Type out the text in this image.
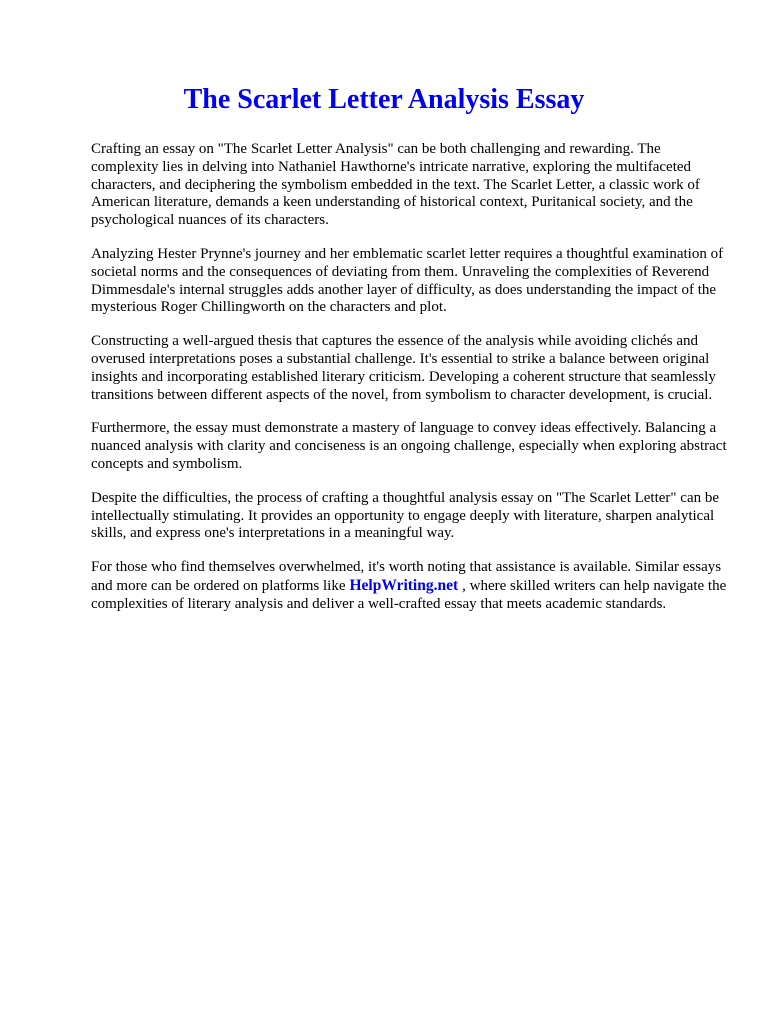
The Scarlet Letter Analysis Essay

Crafting an essay on "The Scarlet Letter Analysis" can be both challenging and rewarding. The complexity lies in delving into Nathaniel Hawthorne's intricate narrative, exploring the multifaceted characters, and deciphering the symbolism embedded in the text. The Scarlet Letter, a classic work of American literature, demands a keen understanding of historical context, Puritanical society, and the psychological nuances of its characters.

Analyzing Hester Prynne's journey and her emblematic scarlet letter requires a thoughtful examination of societal norms and the consequences of deviating from them. Unraveling the complexities of Reverend Dimmesdale's internal struggles adds another layer of difficulty, as does understanding the impact of the mysterious Roger Chillingworth on the characters and plot.

Constructing a well-argued thesis that captures the essence of the analysis while avoiding clichés and overused interpretations poses a substantial challenge. It's essential to strike a balance between original insights and incorporating established literary criticism. Developing a coherent structure that seamlessly transitions between different aspects of the novel, from symbolism to character development, is crucial.

Furthermore, the essay must demonstrate a mastery of language to convey ideas effectively. Balancing a nuanced analysis with clarity and conciseness is an ongoing challenge, especially when exploring abstract concepts and symbolism.

Despite the difficulties, the process of crafting a thoughtful analysis essay on "The Scarlet Letter" can be intellectually stimulating. It provides an opportunity to engage deeply with literature, sharpen analytical skills, and express one's interpretations in a meaningful way.

For those who find themselves overwhelmed, it's worth noting that assistance is available. Similar essays and more can be ordered on platforms like HelpWriting.net , where skilled writers can help navigate the complexities of literary analysis and deliver a well-crafted essay that meets academic standards.
